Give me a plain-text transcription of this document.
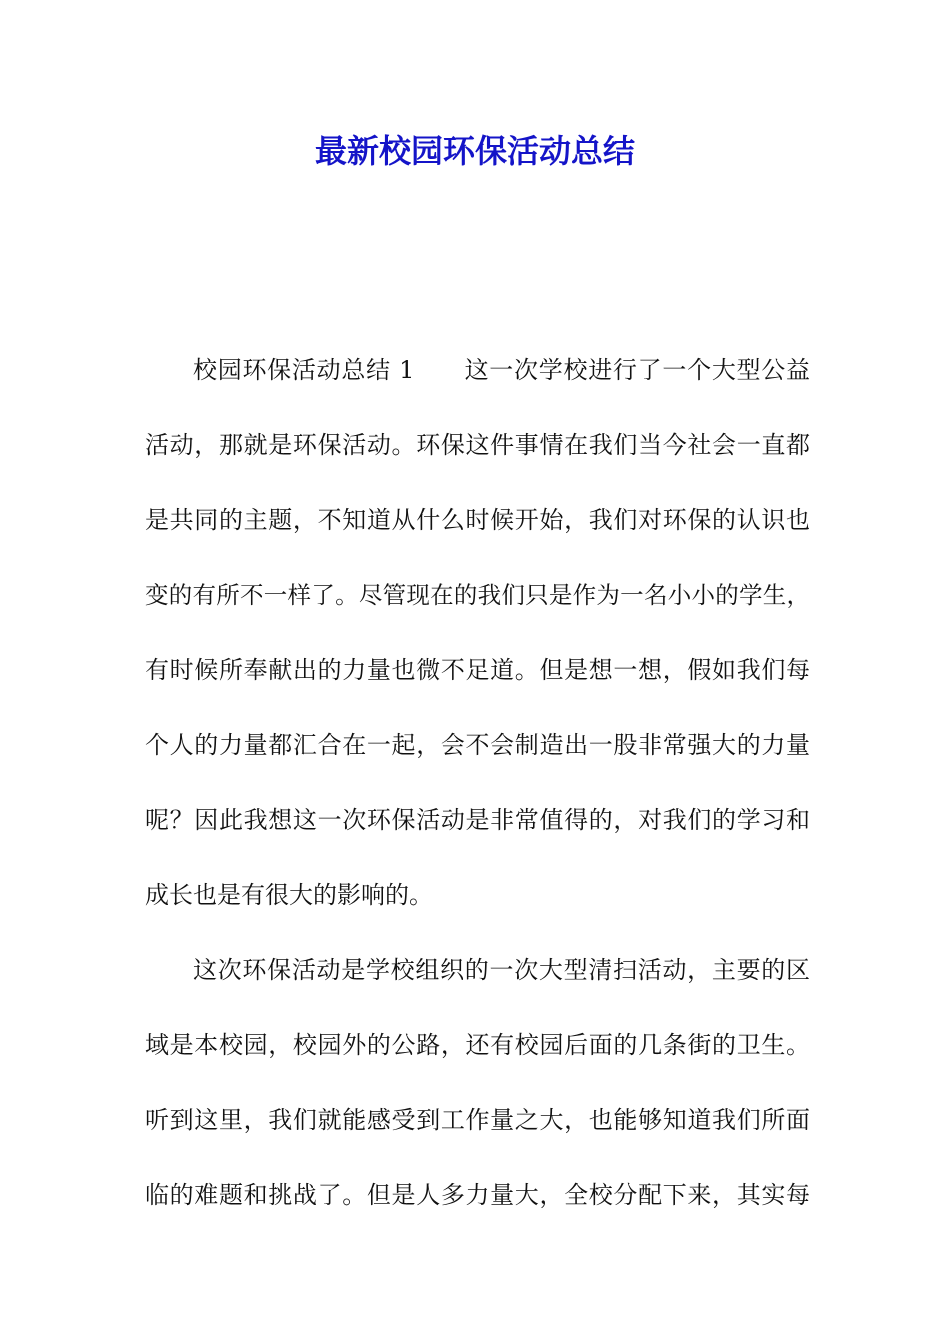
最新校园环保活动总结
校园环保活动总结 1　　这一次学校进行了一个大型公益
活动，那就是环保活动。环保这件事情在我们当今社会一直都
是共同的主题，不知道从什么时候开始，我们对环保的认识也
变的有所不一样了。尽管现在的我们只是作为一名小小的学生，
有时候所奉献出的力量也微不足道。但是想一想，假如我们每
个人的力量都汇合在一起，会不会制造出一股非常强大的力量
呢？因此我想这一次环保活动是非常值得的，对我们的学习和
成长也是有很大的影响的。
这次环保活动是学校组织的一次大型清扫活动，主要的区
域是本校园，校园外的公路，还有校园后面的几条街的卫生。
听到这里，我们就能感受到工作量之大，也能够知道我们所面
临的难题和挑战了。但是人多力量大，全校分配下来，其实每
